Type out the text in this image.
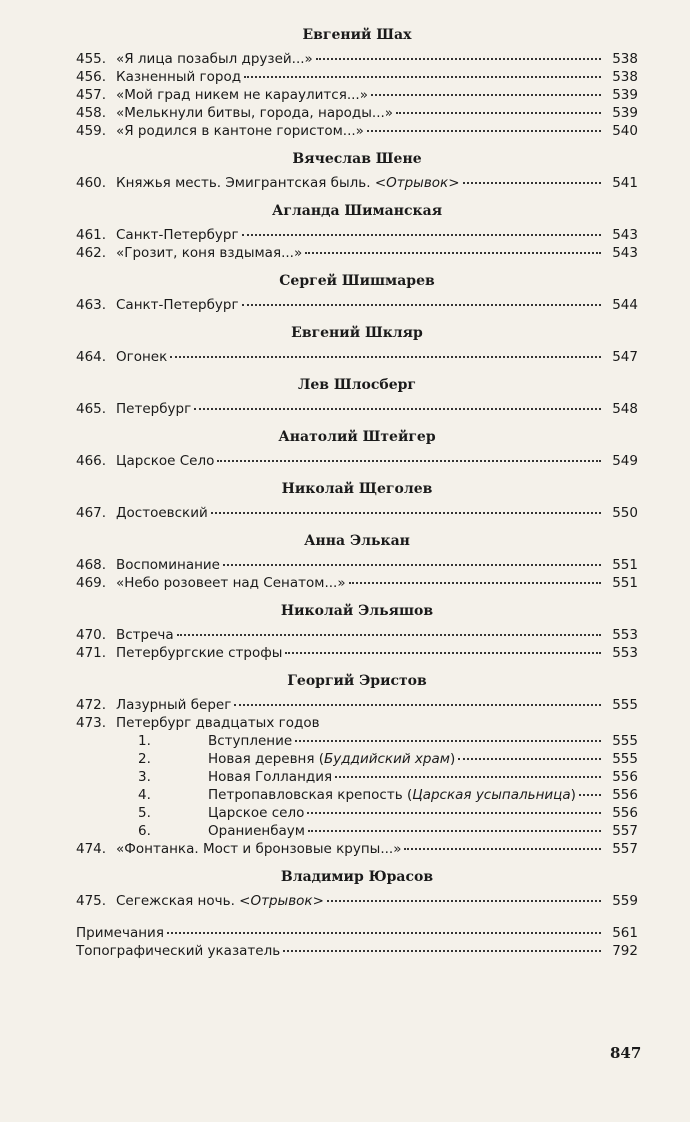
Евгений Шах
455. «Я лица позабыл друзей...»	538
456. Казненный город	538
457. «Мой град никем не караулится...»	539
458. «Мелькнули битвы, города, народы...»	539
459. «Я родился в кантоне гористом...»	540
Вячеслав Шене
460. Княжья месть. Эмигрантская быль. <Отрывок>	541
Агланда Шиманская
461. Санкт-Петербург	543
462. «Грозит, коня вздымая...»	543
Сергей Шишмарев
463. Санкт-Петербург	544
Евгений Шкляр
464. Огонек	547
Лев Шлосберг
465. Петербург	548
Анатолий Штейгер
466. Царское Село	549
Николай Щеголев
467. Достоевский	550
Анна Элькан
468. Воспоминание	551
469. «Небо розовеет над Сенатом...»	551
Николай Эльяшов
470. Встреча	553
471. Петербургские строфы	553
Георгий Эристов
472. Лазурный берег	555
473. Петербург двадцатых годов
1.	Вступление	555
2.	Новая деревня (Буддийский храм)	555
3.	Новая Голландия	556
4.	Петропавловская крепость (Царская усыпальница)	556
5.	Царское село	556
6.	Ораниенбаум	557
474. «Фонтанка. Мост и бронзовые крупы...»	557
Владимир Юрасов
475. Сегежская ночь. <Отрывок>	559
Примечания	561
Топографический указатель	792
847
